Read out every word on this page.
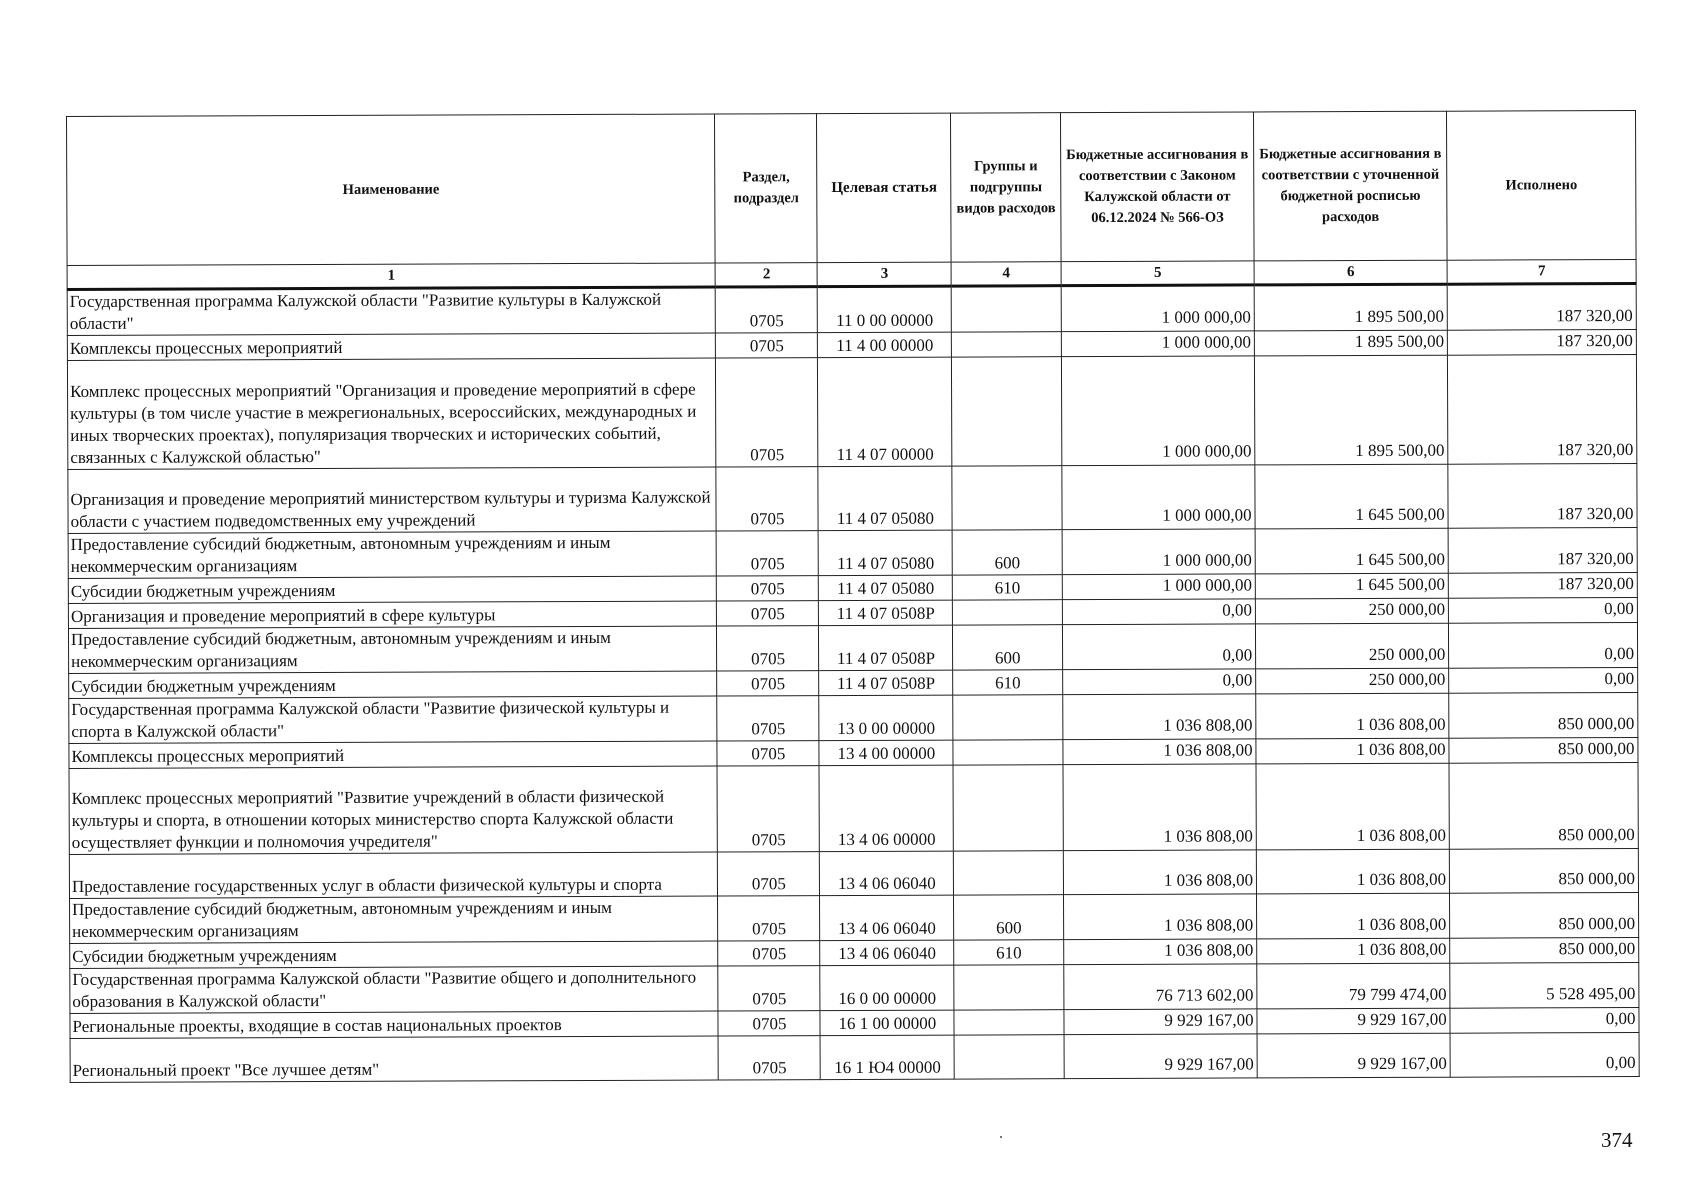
Наименование	Раздел, подраздел	Целевая статья	Группы и подгруппы видов расходов	Бюджетные ассигнования в соответствии с Законом Калужской области от 06.12.2024 № 566-ОЗ	Бюджетные ассигнования в соответствии с уточненной бюджетной росписью расходов	Исполнено
1	2	3	4	5	6	7
Государственная программа Калужской области "Развитие культуры в Калужской области"	0705	11 0 00 00000		1 000 000,00	1 895 500,00	187 320,00
Комплексы процессных мероприятий	0705	11 4 00 00000		1 000 000,00	1 895 500,00	187 320,00
Комплекс процессных мероприятий "Организация и проведение мероприятий в сфере культуры (в том числе участие в межрегиональных, всероссийских, международных и иных творческих проектах), популяризация творческих и исторических событий, связанных с Калужской областью"	0705	11 4 07 00000		1 000 000,00	1 895 500,00	187 320,00
Организация и проведение мероприятий министерством культуры и туризма Калужской области с участием подведомственных ему учреждений	0705	11 4 07 05080		1 000 000,00	1 645 500,00	187 320,00
Предоставление субсидий бюджетным, автономным учреждениям и иным некоммерческим организациям	0705	11 4 07 05080	600	1 000 000,00	1 645 500,00	187 320,00
Субсидии бюджетным учреждениям	0705	11 4 07 05080	610	1 000 000,00	1 645 500,00	187 320,00
Организация и проведение мероприятий в сфере культуры	0705	11 4 07 0508Р		0,00	250 000,00	0,00
Предоставление субсидий бюджетным, автономным учреждениям и иным некоммерческим организациям	0705	11 4 07 0508Р	600	0,00	250 000,00	0,00
Субсидии бюджетным учреждениям	0705	11 4 07 0508Р	610	0,00	250 000,00	0,00
Государственная программа Калужской области "Развитие физической культуры и спорта в Калужской области"	0705	13 0 00 00000		1 036 808,00	1 036 808,00	850 000,00
Комплексы процессных мероприятий	0705	13 4 00 00000		1 036 808,00	1 036 808,00	850 000,00
Комплекс процессных мероприятий "Развитие учреждений в области физической культуры и спорта, в отношении которых министерство спорта Калужской области осуществляет функции и полномочия учредителя"	0705	13 4 06 00000		1 036 808,00	1 036 808,00	850 000,00
Предоставление государственных услуг в области физической культуры и спорта	0705	13 4 06 06040		1 036 808,00	1 036 808,00	850 000,00
Предоставление субсидий бюджетным, автономным учреждениям и иным некоммерческим организациям	0705	13 4 06 06040	600	1 036 808,00	1 036 808,00	850 000,00
Субсидии бюджетным учреждениям	0705	13 4 06 06040	610	1 036 808,00	1 036 808,00	850 000,00
Государственная программа Калужской области "Развитие общего и дополнительного образования в Калужской области"	0705	16 0 00 00000		76 713 602,00	79 799 474,00	5 528 495,00
Региональные проекты, входящие в состав национальных проектов	0705	16 1 00 00000		9 929 167,00	9 929 167,00	0,00
Региональный проект "Все лучшее детям"	0705	16 1 Ю4 00000		9 929 167,00	9 929 167,00	0,00
374
